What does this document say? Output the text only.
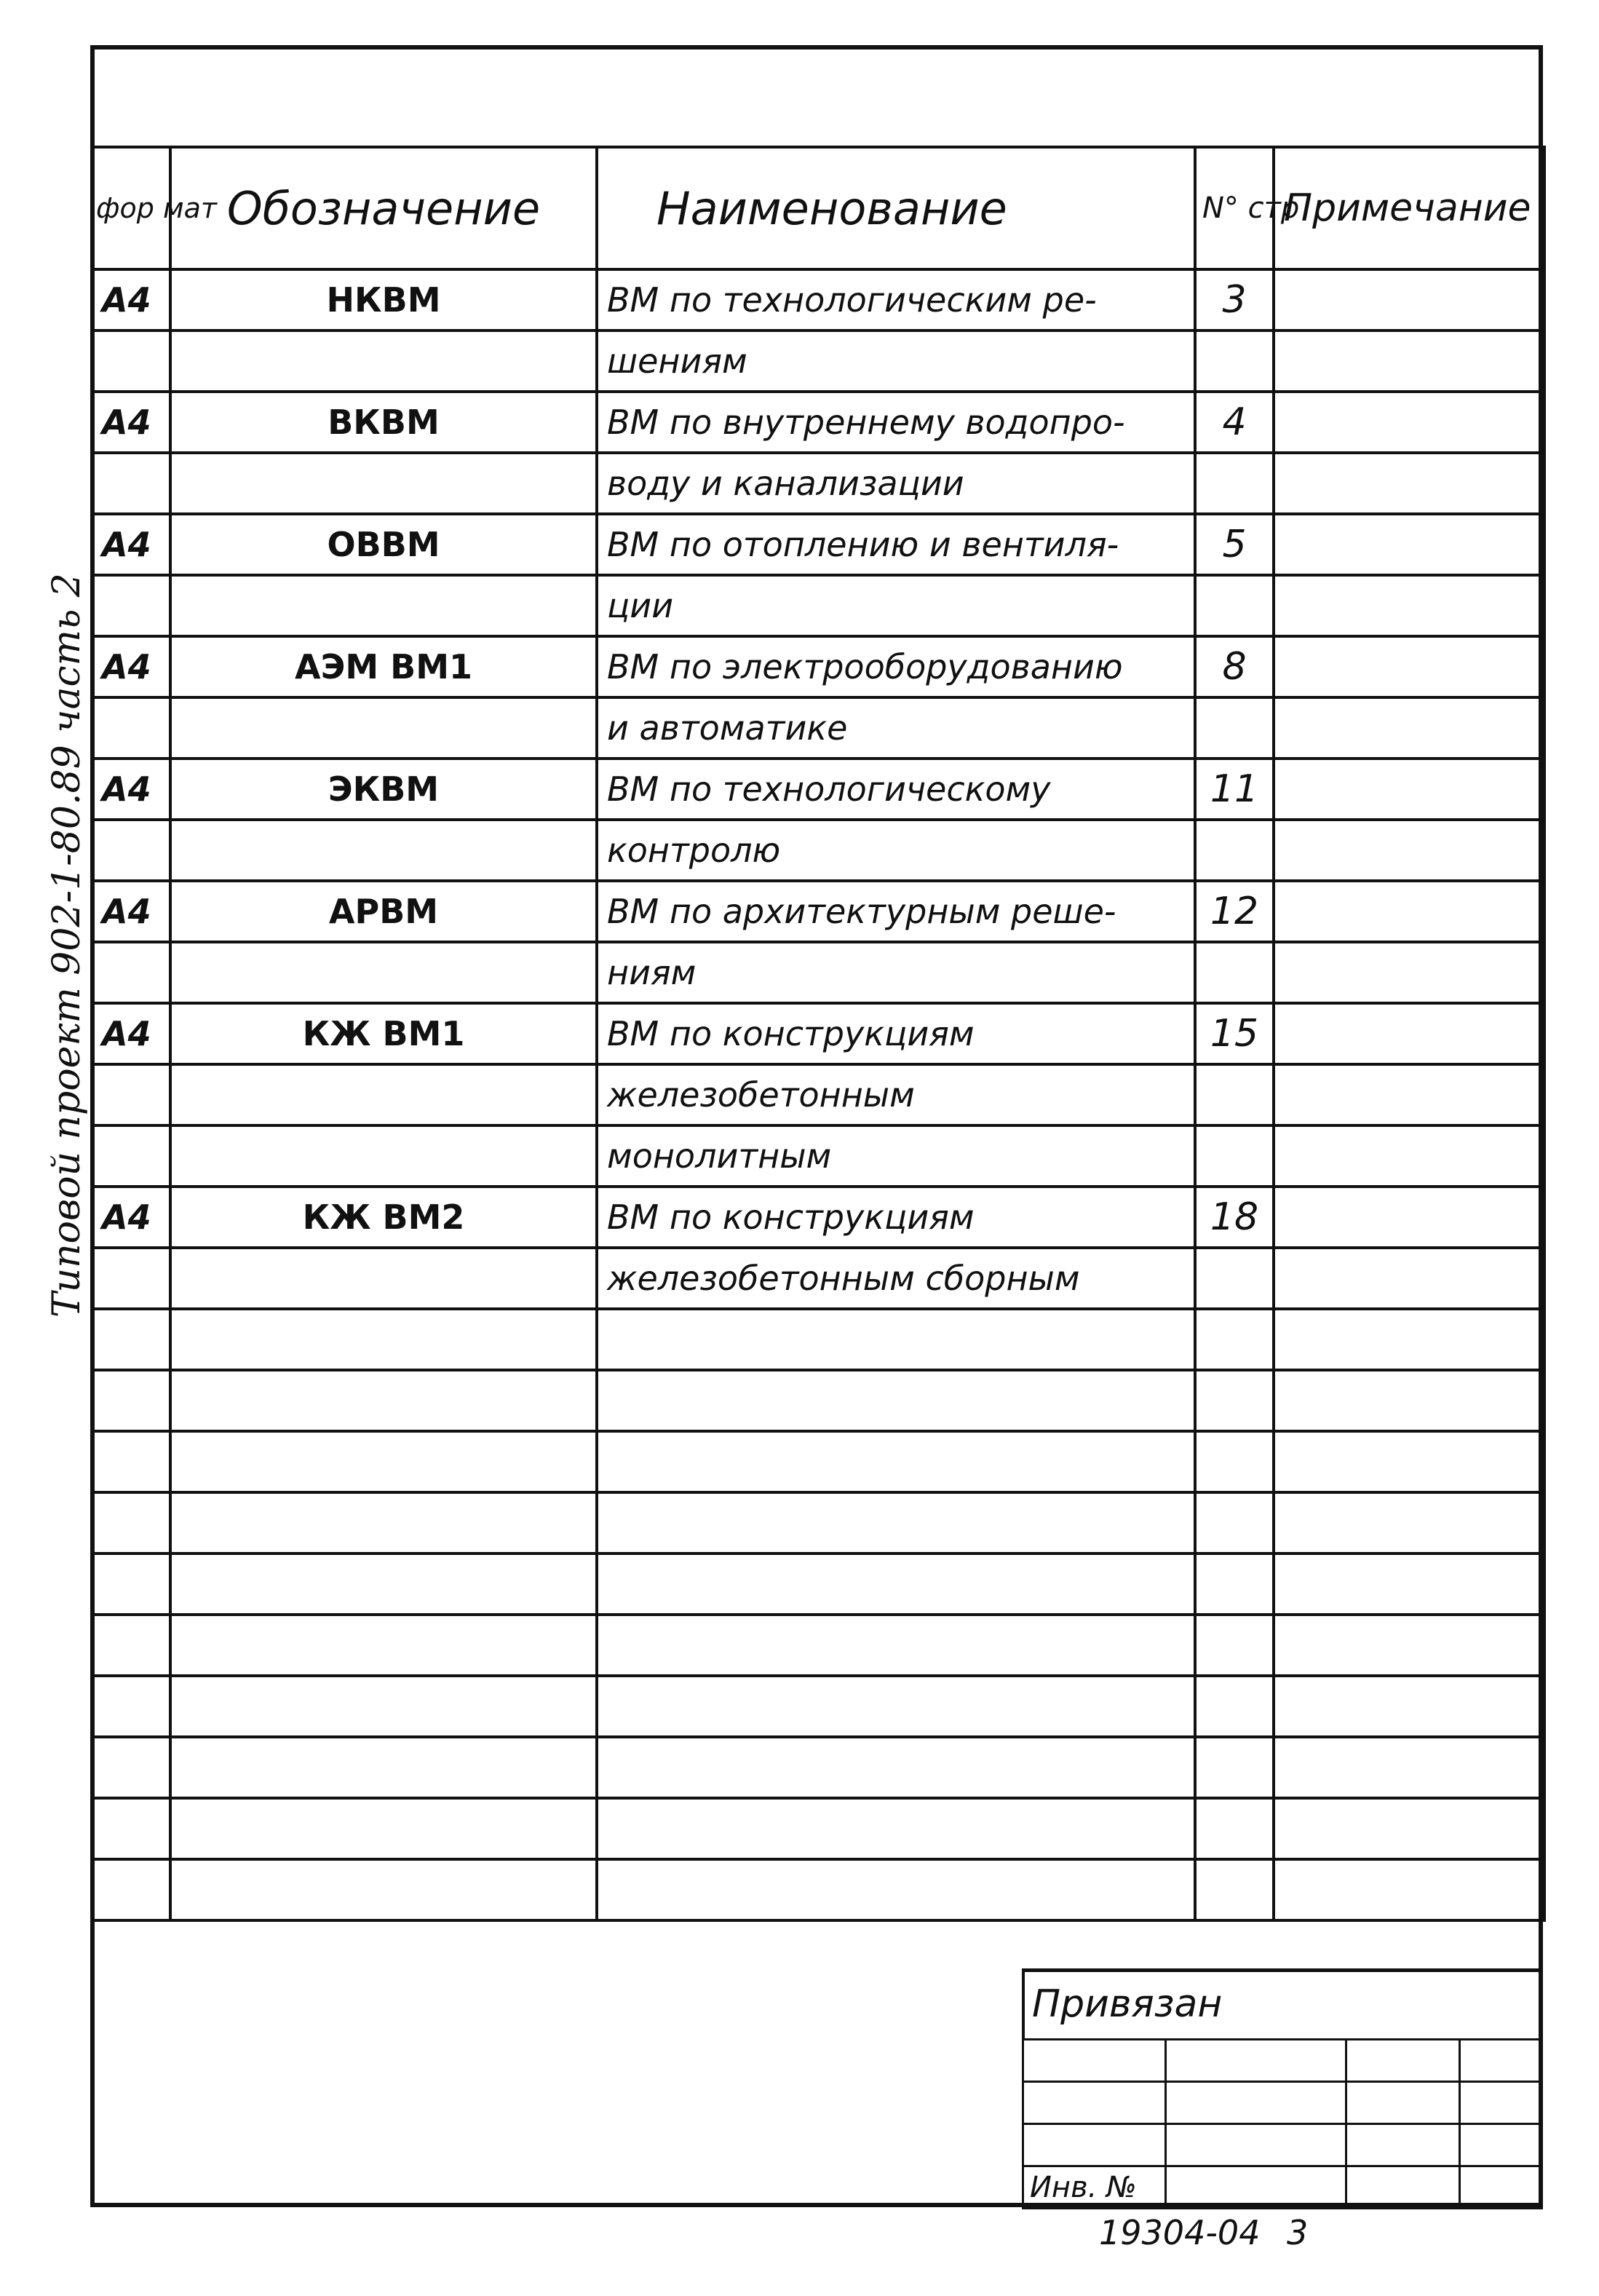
Типовой проект 902-1-80.89 часть 2
фор мат	Обозначение	Наименование	N° стр	Примечание
А4	НКВМ	ВМ по технологическим ре-	3	
		шениям		
А4	ВКВМ	ВМ по внутреннему водопро-	4	
		воду и канализации		
А4	ОВВМ	ВМ по отоплению и вентиля-	5	
		ции		
А4	АЭМ ВМ1	ВМ по электрооборудованию	8	
		и автоматике		
А4	ЭКВМ	ВМ по технологическому	11	
		контролю		
А4	АРВМ	ВМ по архитектурным реше-	12	
		ниям		
А4	КЖ ВМ1	ВМ по конструкциям	15	
		железобетонным		
		монолитным		
А4	КЖ ВМ2	ВМ по конструкциям	18	
		железобетонным сборным		

Привязан

Инв. №			
19304-04 3
